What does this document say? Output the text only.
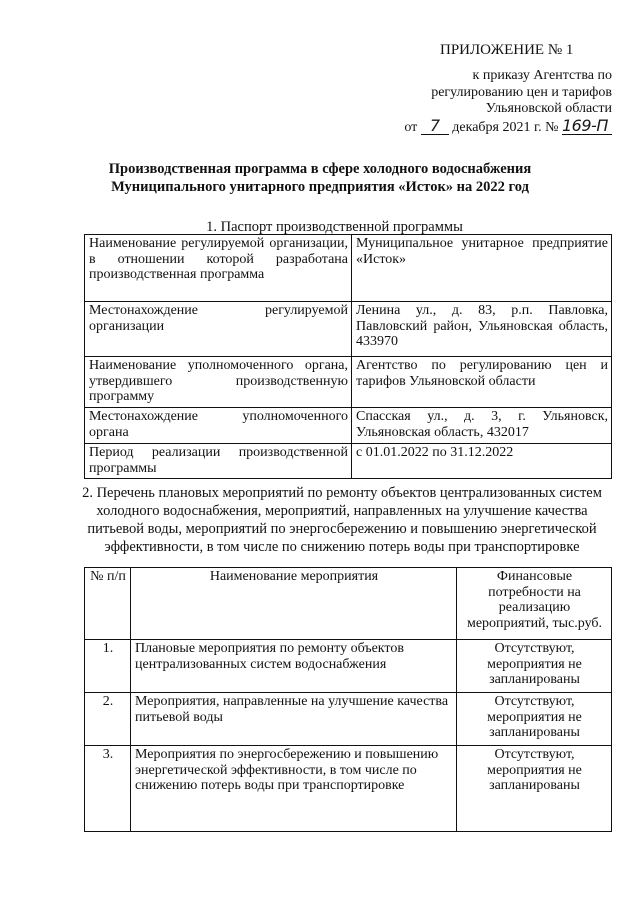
ПРИЛОЖЕНИЕ № 1
к приказу Агентства по
регулированию цен и тарифов
Ульяновской области
от 7 декабря 2021 г. № 169-П
Производственная программа в сфере холодного водоснабжения
Муниципального унитарного предприятия «Исток» на 2022 год
1. Паспорт производственной программы
Наименование регулируемой организации, в отношении которой разработана производственная программа	Муниципальное унитарное предприятие «Исток»
Местонахождение регулируемой организации	Ленина ул., д. 83, р.п. Павловка, Павловский район, Ульяновская область, 433970
Наименование уполномоченного органа, утвердившего производственную программу	Агентство по регулированию цен и тарифов Ульяновской области
Местонахождение уполномоченного органа	Спасская ул., д. 3, г. Ульяновск, Ульяновская область, 432017
Период реализации производственной программы	с 01.01.2022 по 31.12.2022
2. Перечень плановых мероприятий по ремонту объектов централизованных систем холодного водоснабжения, мероприятий, направленных на улучшение качества питьевой воды, мероприятий по энергосбережению и повышению энергетической эффективности, в том числе по снижению потерь воды при транспортировке
№ п/п	Наименование мероприятия	Финансовые потребности на реализацию мероприятий, тыс.руб.
1.	Плановые мероприятия по ремонту объектов централизованных систем водоснабжения	Отсутствуют, мероприятия не запланированы
2.	Мероприятия, направленные на улучшение качества питьевой воды	Отсутствуют, мероприятия не запланированы
3.	Мероприятия по энергосбережению и повышению энергетической эффективности, в том числе по снижению потерь воды при транспортировке	Отсутствуют, мероприятия не запланированы
